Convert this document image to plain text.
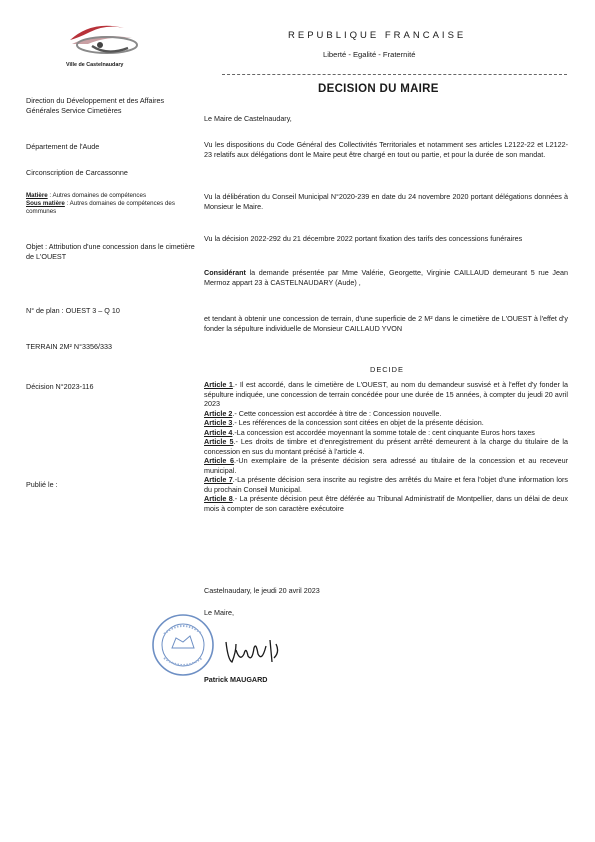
Ville de Castelnaudary
REPUBLIQUE FRANCAISE
Liberté - Egalité - Fraternité
DECISION DU MAIRE
Direction du Développement et des Affaires Générales Service Cimetières
Département de l'Aude
Circonscription de Carcassonne
Matière : Autres domaines de compétences
Sous matière : Autres domaines de compétences des communes
Objet : Attribution d'une concession dans le cimetière de L'OUEST
N° de plan : OUEST 3 – Q 10
TERRAIN 2M² N°3356/333
Décision N°2023-116
Publié le :
Le Maire de Castelnaudary,
Vu les dispositions du Code Général des Collectivités Territoriales et notamment ses articles L2122-22 et L2122-23 relatifs aux délégations dont le Maire peut être chargé en tout ou partie, et pour la durée de son mandat.
Vu la délibération du Conseil Municipal N°2020-239 en date du 24 novembre 2020 portant délégations données à Monsieur le Maire.
Vu la décision 2022-292 du 21 décembre 2022 portant fixation des tarifs des concessions funéraires
Considérant la demande présentée par Mme Valérie, Georgette, Virginie CAILLAUD demeurant 5 rue Jean Mermoz appart 23 à CASTELNAUDARY (Aude) ,
et tendant à obtenir une concession de terrain, d'une superficie de 2 M² dans le cimetière de L'OUEST à l'effet d'y fonder la sépulture individuelle de Monsieur CAILLAUD YVON
DECIDE
Article 1.- Il est accordé, dans le cimetière de L'OUEST, au nom du demandeur susvisé et à l'effet d'y fonder la sépulture indiquée, une concession de terrain concédée pour une durée de 15 années, à compter du jeudi 20 avril 2023
Article 2.- Cette concession est accordée à titre de : Concession nouvelle.
Article 3.- Les références de la concession sont citées en objet de la présente décision.
Article 4.-La concession est accordée moyennant la somme totale de : cent cinquante Euros hors taxes
Article 5.- Les droits de timbre et d'enregistrement du présent arrêté demeurent à la charge du titulaire de la concession en sus du montant précisé à l'article 4.
Article 6.-Un exemplaire de la présente décision sera adressé au titulaire de la concession et au receveur municipal.
Article 7.-La présente décision sera inscrite au registre des arrêtés du Maire et fera l'objet d'une information lors du prochain Conseil Municipal.
Article 8.- La présente décision peut être déférée au Tribunal Administratif de Montpellier, dans un délai de deux mois à compter de son caractère exécutoire
Castelnaudary, le jeudi 20 avril 2023
Le Maire,
Patrick MAUGARD
